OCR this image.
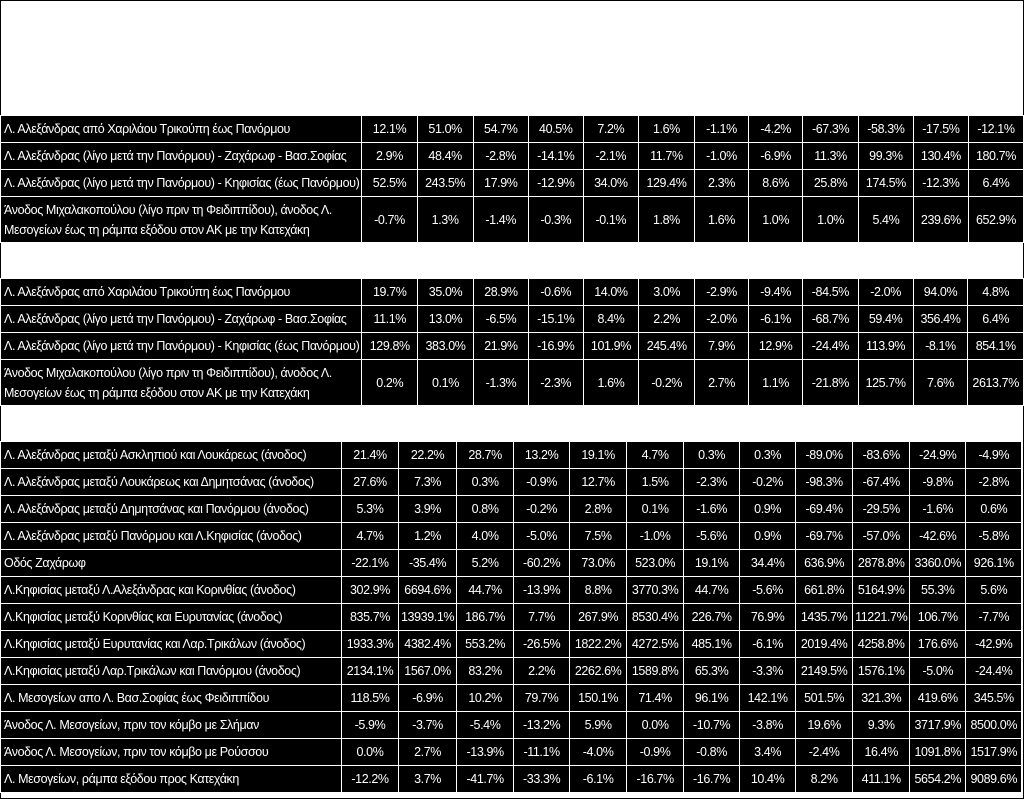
Λ. Αλεξάνδρας από Χαριλάου Τρικούπη έως Πανόρμου	12.1%	51.0%	54.7%	40.5%	7.2%	1.6%	-1.1%	-4.2%	-67.3%	-58.3%	-17.5%	-12.1%
Λ. Αλεξάνδρας (λίγο μετά την Πανόρμου) - Ζαχάρωφ - Βασ.Σοφίας	2.9%	48.4%	-2.8%	-14.1%	-2.1%	11.7%	-1.0%	-6.9%	11.3%	99.3%	130.4%	180.7%
Λ. Αλεξάνδρας (λίγο μετά την Πανόρμου) - Κηφισίας (έως Πανόρμου)	52.5%	243.5%	17.9%	-12.9%	34.0%	129.4%	2.3%	8.6%	25.8%	174.5%	-12.3%	6.4%
Άνοδος Μιχαλακοπούλου (λίγο πριν τη Φειδιππίδου), άνοδος Λ. Μεσογείων έως τη ράμπα εξόδου στον ΑΚ με την Κατεχάκη	-0.7%	1.3%	-1.4%	-0.3%	-0.1%	1.8%	1.6%	1.0%	1.0%	5.4%	239.6%	652.9%
Λ. Αλεξάνδρας από Χαριλάου Τρικούπη έως Πανόρμου	19.7%	35.0%	28.9%	-0.6%	14.0%	3.0%	-2.9%	-9.4%	-84.5%	-2.0%	94.0%	4.8%
Λ. Αλεξάνδρας (λίγο μετά την Πανόρμου) - Ζαχάρωφ - Βασ.Σοφίας	11.1%	13.0%	-6.5%	-15.1%	8.4%	2.2%	-2.0%	-6.1%	-68.7%	59.4%	356.4%	6.4%
Λ. Αλεξάνδρας (λίγο μετά την Πανόρμου) - Κηφισίας (έως Πανόρμου)	129.8%	383.0%	21.9%	-16.9%	101.9%	245.4%	7.9%	12.9%	-24.4%	113.9%	-8.1%	854.1%
Άνοδος Μιχαλακοπούλου (λίγο πριν τη Φειδιππίδου), άνοδος Λ. Μεσογείων έως τη ράμπα εξόδου στον ΑΚ με την Κατεχάκη	0.2%	0.1%	-1.3%	-2.3%	1.6%	-0.2%	2.7%	1.1%	-21.8%	125.7%	7.6%	2613.7%
Λ. Αλεξάνδρας μεταξύ Ασκληπιού και Λουκάρεως (άνοδος)	21.4%	22.2%	28.7%	13.2%	19.1%	4.7%	0.3%	0.3%	-89.0%	-83.6%	-24.9%	-4.9%
Λ. Αλεξάνδρας μεταξύ Λουκάρεως και Δημητσάνας (άνοδος)	27.6%	7.3%	0.3%	-0.9%	12.7%	1.5%	-2.3%	-0.2%	-98.3%	-67.4%	-9.8%	-2.8%
Λ. Αλεξάνδρας μεταξύ Δημητσάνας και Πανόρμου (άνοδος)	5.3%	3.9%	0.8%	-0.2%	2.8%	0.1%	-1.6%	0.9%	-69.4%	-29.5%	-1.6%	0.6%
Λ. Αλεξάνδρας μεταξύ Πανόρμου και Λ.Κηφισίας (άνοδος)	4.7%	1.2%	4.0%	-5.0%	7.5%	-1.0%	-5.6%	0.9%	-69.7%	-57.0%	-42.6%	-5.8%
Οδός Ζαχάρωφ	-22.1%	-35.4%	5.2%	-60.2%	73.0%	523.0%	19.1%	34.4%	636.9%	2878.8%	3360.0%	926.1%
Λ.Κηφισίας μεταξύ Λ.Αλεξάνδρας και Κορινθίας (άνοδος)	302.9%	6694.6%	44.7%	-13.9%	8.8%	3770.3%	44.7%	-5.6%	661.8%	5164.9%	55.3%	5.6%
Λ.Κηφισίας μεταξύ Κορινθίας και Ευρυτανίας (άνοδος)	835.7%	13939.1%	186.7%	7.7%	267.9%	8530.4%	226.7%	76.9%	1435.7%	11221.7%	106.7%	-7.7%
Λ.Κηφισίας μεταξύ Ευρυτανίας και Λαρ.Τρικάλων (άνοδος)	1933.3%	4382.4%	553.2%	-26.5%	1822.2%	4272.5%	485.1%	-6.1%	2019.4%	4258.8%	176.6%	-42.9%
Λ.Κηφισίας μεταξύ Λαρ.Τρικάλων και Πανόρμου (άνοδος)	2134.1%	1567.0%	83.2%	2.2%	2262.6%	1589.8%	65.3%	-3.3%	2149.5%	1576.1%	-5.0%	-24.4%
Λ. Μεσογείων απο Λ. Βασ.Σοφίας έως Φειδιππίδου	118.5%	-6.9%	10.2%	79.7%	150.1%	71.4%	96.1%	142.1%	501.5%	321.3%	419.6%	345.5%
Άνοδος Λ. Μεσογείων, πριν τον κόμβο με Σλήμαν	-5.9%	-3.7%	-5.4%	-13.2%	5.9%	0.0%	-10.7%	-3.8%	19.6%	9.3%	3717.9%	8500.0%
Άνοδος Λ. Μεσογείων, πριν τον κόμβο με Ρούσσου	0.0%	2.7%	-13.9%	-11.1%	-4.0%	-0.9%	-0.8%	3.4%	-2.4%	16.4%	1091.8%	1517.9%
Λ. Μεσογείων, ράμπα εξόδου προς Κατεχάκη	-12.2%	3.7%	-41.7%	-33.3%	-6.1%	-16.7%	-16.7%	10.4%	8.2%	411.1%	5654.2%	9089.6%
